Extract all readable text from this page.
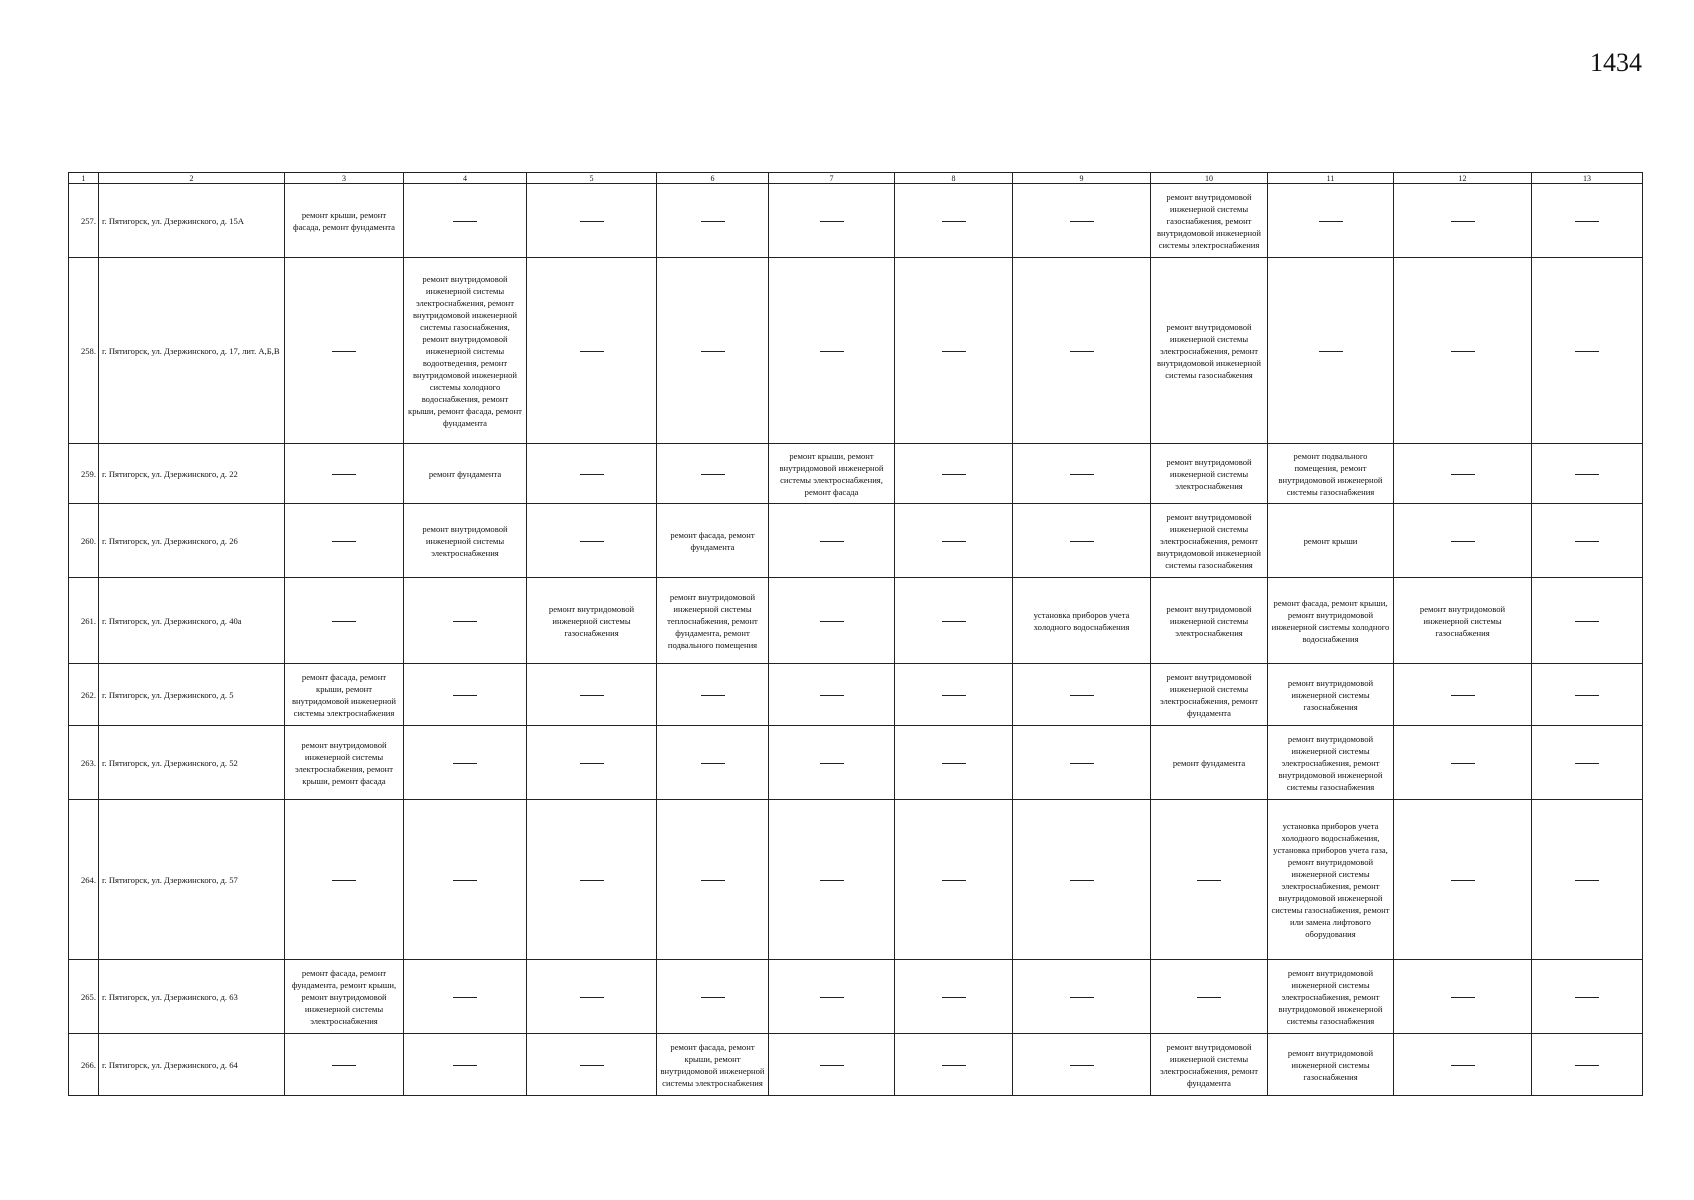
1434
1	2	3	4	5	6	7	8	9	10	11	12	13
257.	г. Пятигорск, ул. Дзержинского, д. 15А	ремонт крыши, ремонт фасада, ремонт фундамента							ремонт внутридомовой инженерной системы газоснабжения, ремонт внутридомовой инженерной системы электроснабжения			
258.	г. Пятигорск, ул. Дзержинского, д. 17, лит. А,Б,В		ремонт внутридомовой инженерной системы электроснабжения, ремонт внутридомовой инженерной системы газоснабжения, ремонт внутридомовой инженерной системы водоотведения, ремонт внутридомовой инженерной системы холодного водоснабжения, ремонт крыши, ремонт фасада, ремонт фундамента						ремонт внутридомовой инженерной системы электроснабжения, ремонт внутридомовой инженерной системы газоснабжения			
259.	г. Пятигорск, ул. Дзержинского, д. 22		ремонт фундамента			ремонт крыши, ремонт внутридомовой инженерной системы электроснабжения, ремонт фасада			ремонт внутридомовой инженерной системы электроснабжения	ремонт подвального помещения, ремонт внутридомовой инженерной системы газоснабжения		
260.	г. Пятигорск, ул. Дзержинского, д. 26		ремонт внутридомовой инженерной системы электроснабжения		ремонт фасада, ремонт фундамента				ремонт внутридомовой инженерной системы электроснабжения, ремонт внутридомовой инженерной системы газоснабжения	ремонт крыши		
261.	г. Пятигорск, ул. Дзержинского, д. 40а			ремонт внутридомовой инженерной системы газоснабжения	ремонт внутридомовой инженерной системы теплоснабжения, ремонт фундамента, ремонт подвального помещения			установка приборов учета холодного водоснабжения	ремонт внутридомовой инженерной системы электроснабжения	ремонт фасада, ремонт крыши, ремонт внутридомовой инженерной системы холодного водоснабжения	ремонт внутридомовой инженерной системы газоснабжения	
262.	г. Пятигорск, ул. Дзержинского, д. 5	ремонт фасада, ремонт крыши, ремонт внутридомовой инженерной системы электроснабжения							ремонт внутридомовой инженерной системы электроснабжения, ремонт фундамента	ремонт внутридомовой инженерной системы газоснабжения		
263.	г. Пятигорск, ул. Дзержинского, д. 52	ремонт внутридомовой инженерной системы электроснабжения, ремонт крыши, ремонт фасада							ремонт фундамента	ремонт внутридомовой инженерной системы электроснабжения, ремонт внутридомовой инженерной системы газоснабжения		
264.	г. Пятигорск, ул. Дзержинского, д. 57									установка приборов учета холодного водоснабжения, установка приборов учета газа, ремонт внутридомовой инженерной системы электроснабжения, ремонт внутридомовой инженерной системы газоснабжения, ремонт или замена лифтового оборудования		
265.	г. Пятигорск, ул. Дзержинского, д. 63	ремонт фасада, ремонт фундамента, ремонт крыши, ремонт внутридомовой инженерной системы электроснабжения								ремонт внутридомовой инженерной системы электроснабжения, ремонт внутридомовой инженерной системы газоснабжения		
266.	г. Пятигорск, ул. Дзержинского, д. 64				ремонт фасада, ремонт крыши, ремонт внутридомовой инженерной системы электроснабжения				ремонт внутридомовой инженерной системы электроснабжения, ремонт фундамента	ремонт внутридомовой инженерной системы газоснабжения		
